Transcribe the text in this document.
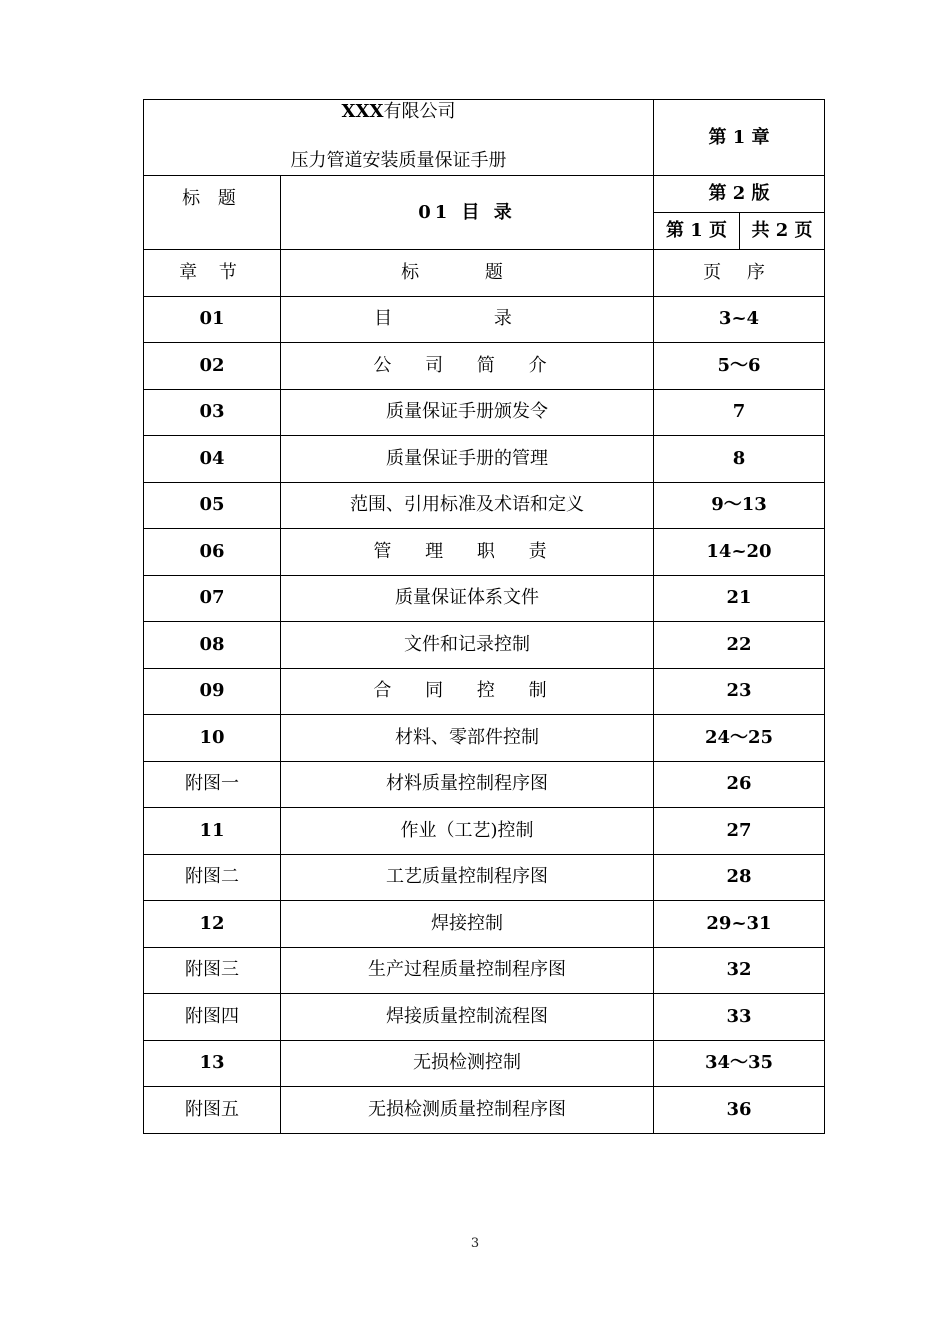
XXX有限公司
压力管道安装质量保证手册		第 1 章	
标 题	01 目 录	第 2 版	
		第 1 页	共 2 页
章 节	标 题	页 序	
01	目 录	3~4	
02	公 司 简 介	5～6	
03	质量保证手册颁发令	7	
04	质量保证手册的管理	8	
05	范围、引用标准及术语和定义	9～13	
06	管 理 职 责	14~20	
07	质量保证体系文件	21	
08	文件和记录控制	22	
09	合 同 控 制	23	
10	材料、零部件控制	24～25	
附图一	材料质量控制程序图	26	
11	作业（工艺)控制	27	
附图二	工艺质量控制程序图	28	
12	焊接控制	29~31	
附图三	生产过程质量控制程序图	32	
附图四	焊接质量控制流程图	33	
13	无损检测控制	34～35	
附图五	无损检测质量控制程序图	36	
3
